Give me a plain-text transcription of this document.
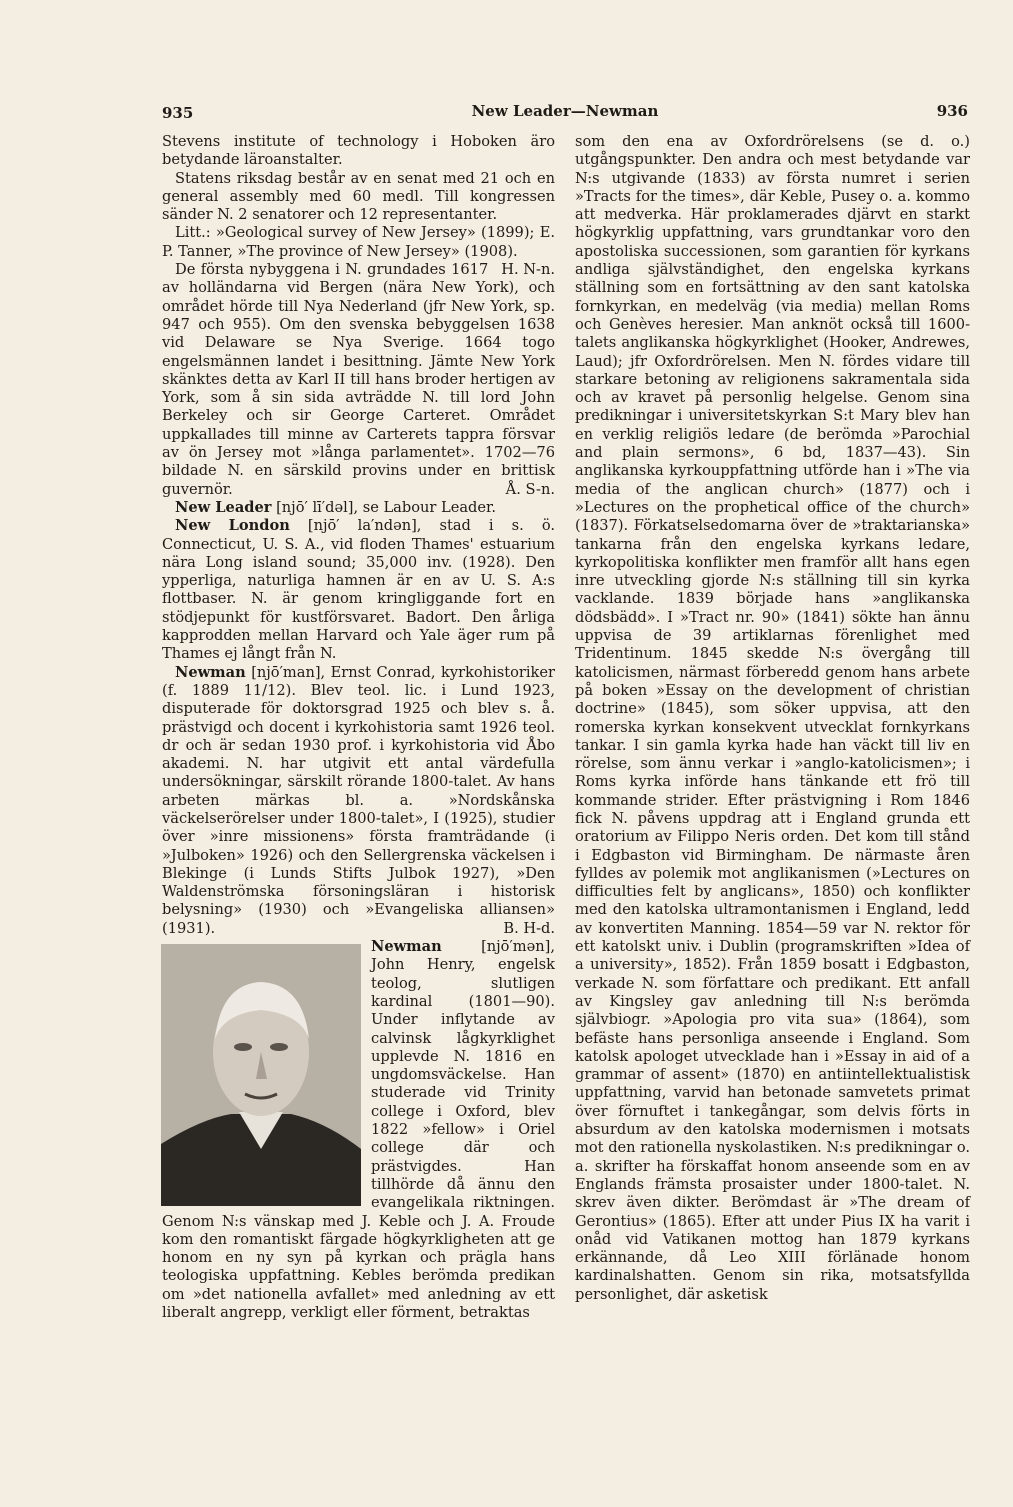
935	New Leader—Newman	936

Stevens institute of technology i Hoboken äro betydande läroanstalter.

Statens riksdag består av en senat med 21 och en general assembly med 60 medl. Till kongressen sänder N. 2 senatorer och 12 representanter.

Litt.: »Geological survey of New Jersey» (1899); E. P. Tanner, »The province of New Jersey» (1908).
H. N-n.

De första nybyggena i N. grundades 1617 av holländarna vid Bergen (nära New York), och området hörde till Nya Nederland (jfr New York, sp. 947 och 955). Om den svenska bebyggelsen 1638 vid Delaware se Nya Sverige. 1664 togo engelsmännen landet i besittning. Jämte New York skänktes detta av Karl II till hans broder hertigen av York, som å sin sida avträdde N. till lord John Berkeley och sir George Carteret. Området uppkallades till minne av Carterets tappra försvar av ön Jersey mot »långa parlamentet». 1702—76 bildade N. en särskild provins under en brittisk guvernör.	Å. S-n.

New Leader [njō′ lī′dəl], se Labour Leader.

New London [njō′ la′ndən], stad i s. ö. Connecticut, U. S. A., vid floden Thames' estuarium nära Long island sound; 35,000 inv. (1928). Den ypperliga, naturliga hamnen är en av U. S. A:s flottbaser. N. är genom kringliggande fort en stödjepunkt för kustförsvaret. Badort. Den årliga kapprodden mellan Harvard och Yale äger rum på Thames ej långt från N.

Newman [njō′man], Ernst Conrad, kyrkohistoriker (f. 1889 11/12). Blev teol. lic. i Lund 1923, disputerade för doktorsgrad 1925 och blev s. å. prästvigd och docent i kyrkohistoria samt 1926 teol. dr och är sedan 1930 prof. i kyrkohistoria vid Åbo akademi. N. har utgivit ett antal värdefulla undersökningar, särskilt rörande 1800-talet. Av hans arbeten märkas bl. a. »Nordskånska väckelserörelser under 1800-talet», I (1925), studier över »inre missionens» första framträdande (i »Julboken» 1926) och den Sellergrenska väckelsen i Blekinge (i Lunds Stifts Julbok 1927), »Den Waldenströmska försoningsläran i historisk belysning» (1930) och »Evangeliska alliansen» (1931).	B. H-d.

Newman	[njō′mən], John Henry, engelsk teolog, slutligen kardinal (1801—90). Under inflytande av calvinsk lågkyrklighet upplevde N. 1816 en ungdomsväckelse. Han studerade vid Trinity college i Oxford, blev 1822 »fellow» i Oriel college där och prästvigdes. Han tillhörde då ännu den evangelikala riktningen. Genom N:s vänskap med J. Keble och J. A. Froude kom den romantiskt färgade högkyrkligheten att ge honom en ny syn på kyrkan och prägla hans teologiska uppfattning. Kebles berömda predikan om »det nationella avfallet» med anledning av ett liberalt angrepp, verkligt eller förment, betraktas

som den ena av Oxfordrörelsens (se d. o.) utgångspunkter. Den andra och mest betydande var N:s utgivande (1833) av första numret i serien »Tracts for the times», där Keble, Pusey o. a. kommo att medverka. Här proklamerades djärvt en starkt högkyrklig uppfattning, vars grundtankar voro den apostoliska successionen, som garantien för kyrkans andliga självständighet, den engelska kyrkans ställning som en fortsättning av den sant katolska fornkyrkan, en medelväg (via media) mellan Roms och Genèves heresier. Man anknöt också till 1600-talets anglikanska högkyrklighet (Hooker, Andrewes, Laud); jfr Oxfordrörelsen. Men N. fördes vidare till starkare betoning av religionens sakramentala sida och av kravet på personlig helgelse. Genom sina predikningar i universitetskyrkan S:t Mary blev han en verklig religiös ledare (de berömda »Parochial and plain sermons», 6 bd, 1837—43). Sin anglikanska kyrkouppfattning utförde han i »The via media of the anglican church» (1877) och i »Lectures on the prophetical office of the church» (1837). Förkatselsedomarna över de »traktarianska» tankarna från den engelska kyrkans ledare, kyrkopolitiska konflikter men framför allt hans egen inre utveckling gjorde N:s ställning till sin kyrka vacklande. 1839 började hans »anglikanska dödsbädd». I »Tract nr. 90» (1841) sökte han ännu uppvisa de 39 artiklarnas förenlighet med Tridentinum. 1845 skedde N:s övergång till katolicismen, närmast förberedd genom hans arbete på boken »Essay on the development of christian doctrine» (1845), som söker uppvisa, att den romerska kyrkan konsekvent utvecklat fornkyrkans tankar. I sin gamla kyrka hade han väckt till liv en rörelse, som ännu verkar i »anglo-katolicismen»; i Roms kyrka införde hans tänkande ett frö till kommande strider. Efter prästvigning i Rom 1846 fick N. påvens uppdrag att i England grunda ett oratorium av Filippo Neris orden. Det kom till stånd i Edgbaston vid Birmingham. De närmaste åren fylldes av polemik mot anglikanismen (»Lectures on difficulties felt by anglicans», 1850) och konflikter med den katolska ultramontanismen i England, ledd av konvertiten Manning. 1854—59 var N. rektor för ett katolskt univ. i Dublin (programskriften »Idea of a university», 1852). Från 1859 bosatt i Edgbaston, verkade N. som författare och predikant. Ett anfall av Kingsley gav anledning till N:s berömda självbiogr. »Apologia pro vita sua» (1864), som befäste hans personliga anseende i England. Som katolsk apologet utvecklade han i »Essay in aid of a grammar of assent» (1870) en antiintellektualistisk uppfattning, varvid han betonade samvetets primat över förnuftet i tankegångar, som delvis förts in absurdum av den katolska modernismen i motsats mot den rationella nyskolastiken. N:s predikningar o. a. skrifter ha förskaffat honom anseende som en av Englands främsta prosaister under 1800-talet. N. skrev även dikter. Berömdast är »The dream of Gerontius» (1865). Efter att under Pius IX ha varit i onåd vid Vatikanen mottog han 1879 kyrkans erkännande, då Leo XIII förlänade honom kardinalshatten. Genom sin rika, motsatsfyllda personlighet, där asketisk
